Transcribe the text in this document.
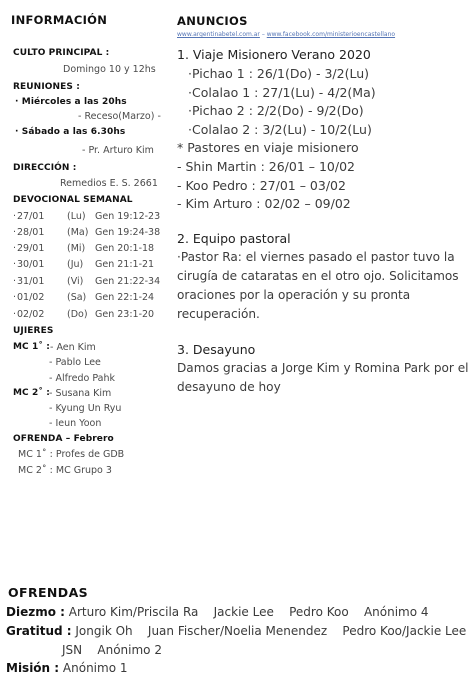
INFORMACIÓN
CULTO PRINCIPAL :
Domingo 10 y 12hs
REUNIONES :
· Miércoles a las 20hs
- Receso(Marzo) -
· Sábado a las 6.30hs
- Pr. Arturo Kim
DIRECCIÓN :
Remedios E. S. 2661
DEVOCIONAL SEMANAL
· 27/01 (Lu) Gen 19:12-23
· 28/01 (Ma) Gen 19:24-38
· 29/01 (Mi) Gen 20:1-18
· 30/01 (Ju) Gen 21:1-21
· 31/01 (Vi) Gen 21:22-34
· 01/02 (Sa) Gen 22:1-24
· 02/02 (Do) Gen 23:1-20
UJIERES
MC 1˚ : - Aen Kim
- Pablo Lee
- Alfredo Pahk
MC 2˚ : - Susana Kim
- Kyung Un Ryu
- Ieun Yoon
OFRENDA – Febrero
MC 1˚ : Profes de GDB
MC 2˚ : MC Grupo 3
ANUNCIOS
www.argentinabetel.com.ar – www.facebook.com/ministerioencastellano
1. Viaje Misionero Verano 2020
·Pichao 1 : 26/1(Do) - 3/2(Lu)
·Colalao 1 : 27/1(Lu) - 4/2(Ma)
·Pichao 2 : 2/2(Do) - 9/2(Do)
·Colalao 2 : 3/2(Lu) - 10/2(Lu)
* Pastores en viaje misionero
- Shin Martin : 26/01 – 10/02
- Koo Pedro : 27/01 – 03/02
- Kim Arturo : 02/02 – 09/02
2. Equipo pastoral
·Pastor Ra: el viernes pasado el pastor tuvo la
cirugía de cataratas en el otro ojo. Solicitamos
oraciones por la operación y su pronta
recuperación.
3. Desayuno
Damos gracias a Jorge Kim y Romina Park por el
desayuno de hoy
OFRENDAS
Diezmo : Arturo Kim/Priscila Ra    Jackie Lee    Pedro Koo    Anónimo 4
Gratitud : Jongik Oh    Juan Fischer/Noelia Menendez    Pedro Koo/Jackie Lee
JSN    Anónimo 2
Misión : Anónimo 1
